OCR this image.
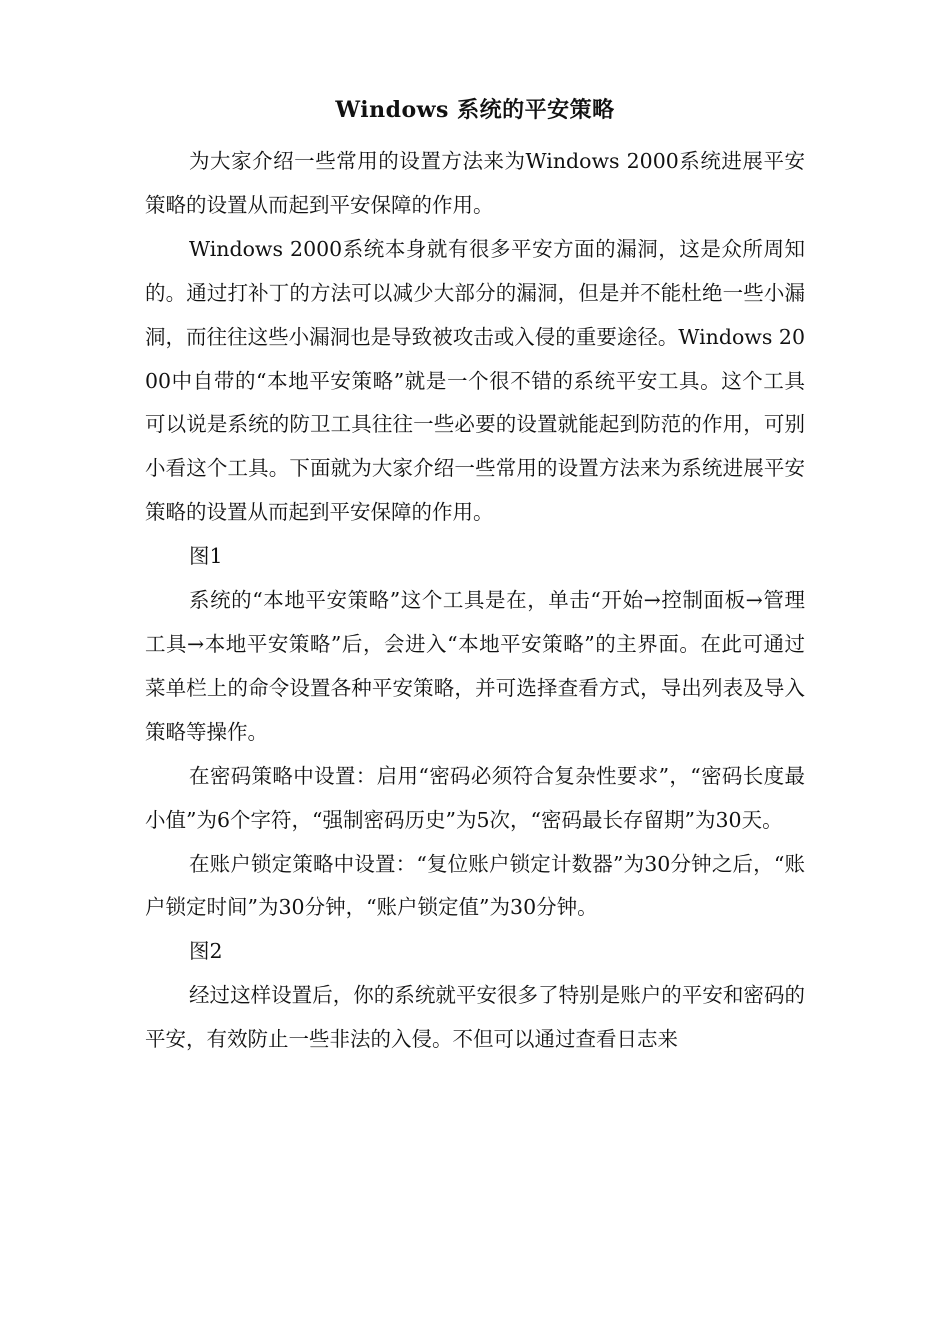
Windows 系统的平安策略

为大家介绍一些常用的设置方法来为Windows 2000系统进展平安策略的设置从而起到平安保障的作用。

Windows 2000系统本身就有很多平安方面的漏洞，这是众所周知的。通过打补丁的方法可以减少大部分的漏洞，但是并不能杜绝一些小漏洞，而往往这些小漏洞也是导致被攻击或入侵的重要途径。Windows 2000中自带的“本地平安策略”就是一个很不错的系统平安工具。这个工具可以说是系统的防卫工具往往一些必要的设置就能起到防范的作用，可别小看这个工具。下面就为大家介绍一些常用的设置方法来为系统进展平安策略的设置从而起到平安保障的作用。

图1

系统的“本地平安策略”这个工具是在，单击“开始→控制面板→管理工具→本地平安策略”后，会进入“本地平安策略”的主界面。在此可通过菜单栏上的命令设置各种平安策略，并可选择查看方式，导出列表及导入策略等操作。

在密码策略中设置：启用“密码必须符合复杂性要求”，“密码长度最小值”为6个字符，“强制密码历史”为5次，“密码最长存留期”为30天。

在账户锁定策略中设置：“复位账户锁定计数器”为30分钟之后，“账户锁定时间”为30分钟，“账户锁定值”为30分钟。

图2

经过这样设置后，你的系统就平安很多了特别是账户的平安和密码的平安，有效防止一些非法的入侵。不但可以通过查看日志来
